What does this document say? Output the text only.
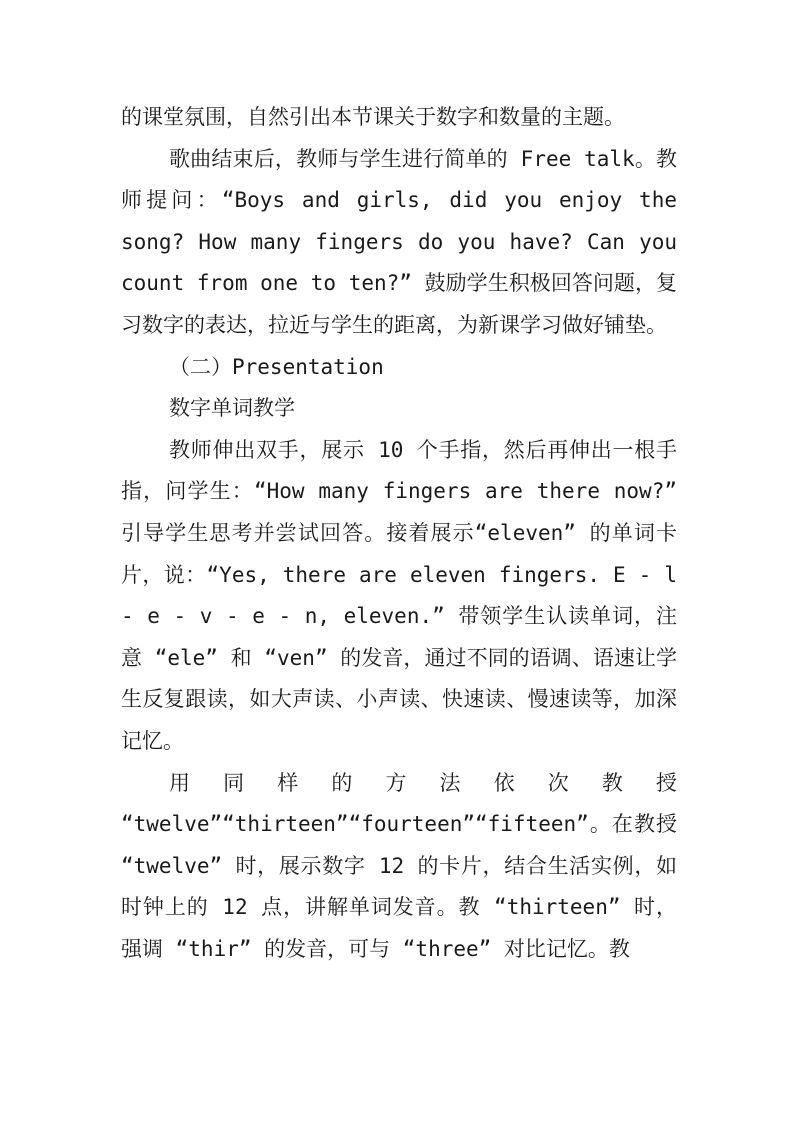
的课堂氛围，自然引出本节课关于数字和数量的主题。

歌曲结束后，教师与学生进行简单的 Free talk。教师提问：“Boys and girls, did you enjoy the song? How many fingers do you have? Can you count from one to ten?” 鼓励学生积极回答问题，复习数字的表达，拉近与学生的距离，为新课学习做好铺垫。

（二）Presentation

数字单词教学

教师伸出双手，展示 10 个手指，然后再伸出一根手指，问学生：“How many fingers are there now?” 引导学生思考并尝试回答。接着展示“eleven” 的单词卡片，说：“Yes, there are eleven fingers. E - l - e - v - e - n, eleven.” 带领学生认读单词，注意 “ele” 和 “ven” 的发音，通过不同的语调、语速让学生反复跟读，如大声读、小声读、快速读、慢速读等，加深记忆。

用同样的方法依次教授 “twelve”“thirteen”“fourteen”“fifteen”。在教授 “twelve” 时，展示数字 12 的卡片，结合生活实例，如时钟上的 12 点，讲解单词发音。教 “thirteen” 时，强调 “thir” 的发音，可与 “three” 对比记忆。教
